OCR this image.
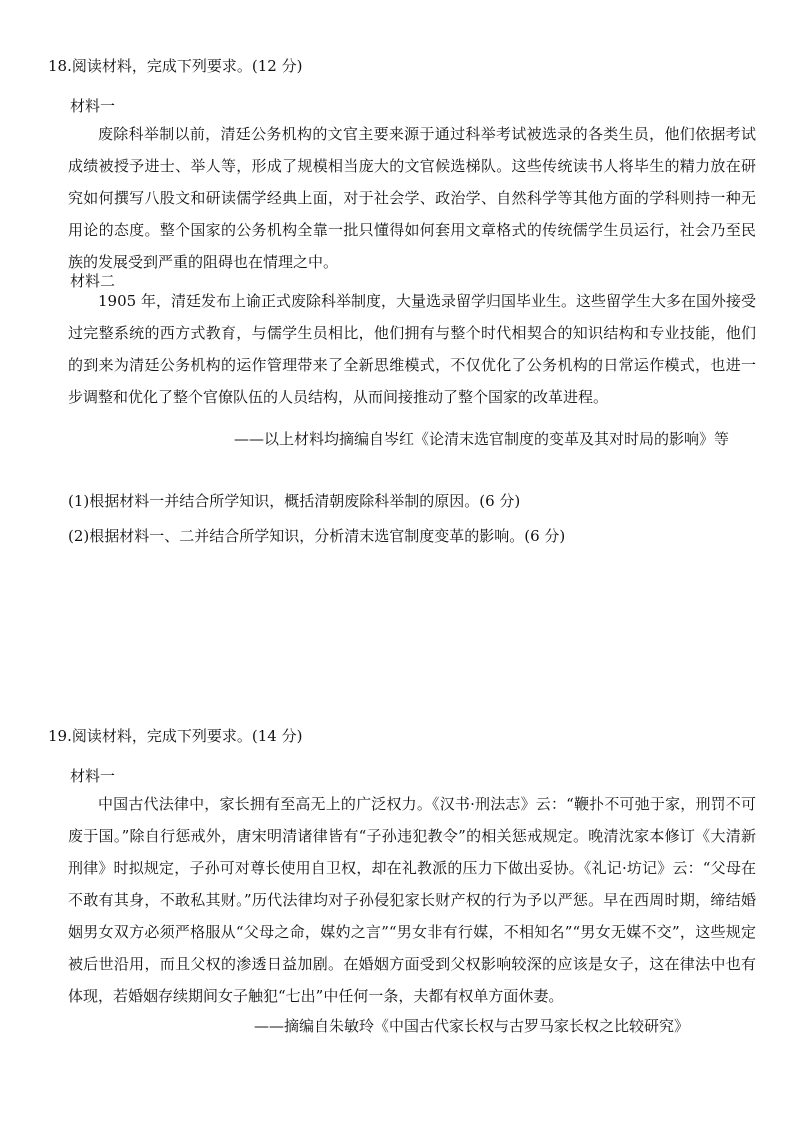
18.阅读材料，完成下列要求。(12 分)
材料一
废除科举制以前，清廷公务机构的文官主要来源于通过科举考试被选录的各类生员，他们依据考试成绩被授予进士、举人等，形成了规模相当庞大的文官候选梯队。这些传统读书人将毕生的精力放在研究如何撰写八股文和研读儒学经典上面，对于社会学、政治学、自然科学等其他方面的学科则持一种无用论的态度。整个国家的公务机构全靠一批只懂得如何套用文章格式的传统儒学生员运行，社会乃至民族的发展受到严重的阻碍也在情理之中。
材料二
1905 年，清廷发布上谕正式废除科举制度，大量选录留学归国毕业生。这些留学生大多在国外接受过完整系统的西方式教育，与儒学生员相比，他们拥有与整个时代相契合的知识结构和专业技能，他们的到来为清廷公务机构的运作管理带来了全新思维模式，不仅优化了公务机构的日常运作模式，也进一步调整和优化了整个官僚队伍的人员结构，从而间接推动了整个国家的改革进程。
——以上材料均摘编自岑红《论清末选官制度的变革及其对时局的影响》等
(1)根据材料一并结合所学知识，概括清朝废除科举制的原因。(6 分)
(2)根据材料一、二并结合所学知识，分析清末选官制度变革的影响。(6 分)
19.阅读材料，完成下列要求。(14 分)
材料一
中国古代法律中，家长拥有至高无上的广泛权力。《汉书·刑法志》云：“鞭扑不可弛于家，刑罚不可废于国。”除自行惩戒外，唐宋明清诸律皆有“子孙违犯教令”的相关惩戒规定。晚清沈家本修订《大清新刑律》时拟规定，子孙可对尊长使用自卫权，却在礼教派的压力下做出妥协。《礼记·坊记》云：“父母在不敢有其身，不敢私其财。”历代法律均对子孙侵犯家长财产权的行为予以严惩。早在西周时期，缔结婚姻男女双方必须严格服从“父母之命，媒妁之言”“男女非有行媒，不相知名”“男女无媒不交”，这些规定被后世沿用，而且父权的渗透日益加剧。在婚姻方面受到父权影响较深的应该是女子，这在律法中也有体现，若婚姻存续期间女子触犯“七出”中任何一条，夫都有权单方面休妻。
——摘编自朱敏玲《中国古代家长权与古罗马家长权之比较研究》
